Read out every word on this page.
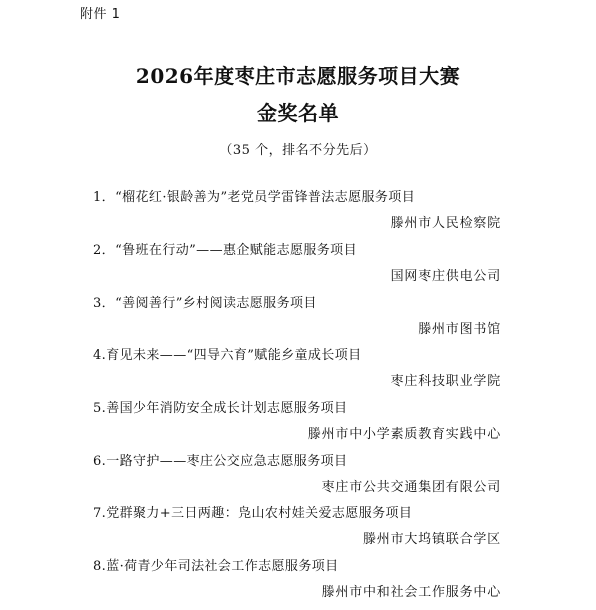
附件 1
2026年度枣庄市志愿服务项目大赛
金奖名单
（35 个，排名不分先后）
1．“榴花红·银龄善为”老党员学雷锋普法志愿服务项目
滕州市人民检察院
2．“鲁班在行动”——惠企赋能志愿服务项目
国网枣庄供电公司
3．“善阅善行”乡村阅读志愿服务项目
滕州市图书馆
4.育见未来——“四导六育”赋能乡童成长项目
枣庄科技职业学院
5.善国少年消防安全成长计划志愿服务项目
滕州市中小学素质教育实践中心
6.一路守护——枣庄公交应急志愿服务项目
枣庄市公共交通集团有限公司
7.党群聚力+三日两趣：凫山农村娃关爱志愿服务项目
滕州市大坞镇联合学区
8.蓝·荷青少年司法社会工作志愿服务项目
滕州市中和社会工作服务中心
